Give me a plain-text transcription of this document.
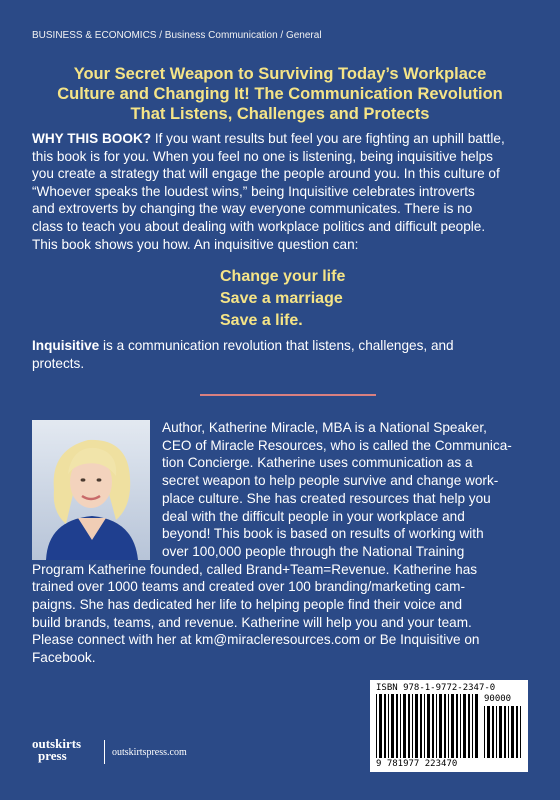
BUSINESS & ECONOMICS / Business Communication / General
Your Secret Weapon to Surviving Today’s Workplace
Culture and Changing It! The Communication Revolution
That Listens, Challenges and Protects
WHY THIS BOOK? If you want results but feel you are fighting an uphill battle,
this book is for you. When you feel no one is listening, being inquisitive helps
you create a strategy that will engage the people around you. In this culture of
“Whoever speaks the loudest wins,” being Inquisitive celebrates introverts
and extroverts by changing the way everyone communicates. There is no
class to teach you about dealing with workplace politics and difficult people.
This book shows you how. An inquisitive question can:
Change your life
Save a marriage
Save a life.
Inquisitive is a communication revolution that listens, challenges, and
protects.
Author, Katherine Miracle, MBA is a National Speaker,
CEO of Miracle Resources, who is called the Communica-
tion Concierge. Katherine uses communication as a
secret weapon to help people survive and change work-
place culture. She has created resources that help you
deal with the difficult people in your workplace and
beyond! This book is based on results of working with
over 100,000 people through the National Training
Program Katherine founded, called Brand+Team=Revenue. Katherine has
trained over 1000 teams and created over 100 branding/marketing cam-
paigns. She has dedicated her life to helping people find their voice and
build brands, teams, and revenue. Katherine will help you and your team.
Please connect with her at km@miracleresources.com or Be Inquisitive on
Facebook.
ISBN 978-1-9772-2347-0
90000
9 781977 223470
outskirts
press	outskirtspress.com
